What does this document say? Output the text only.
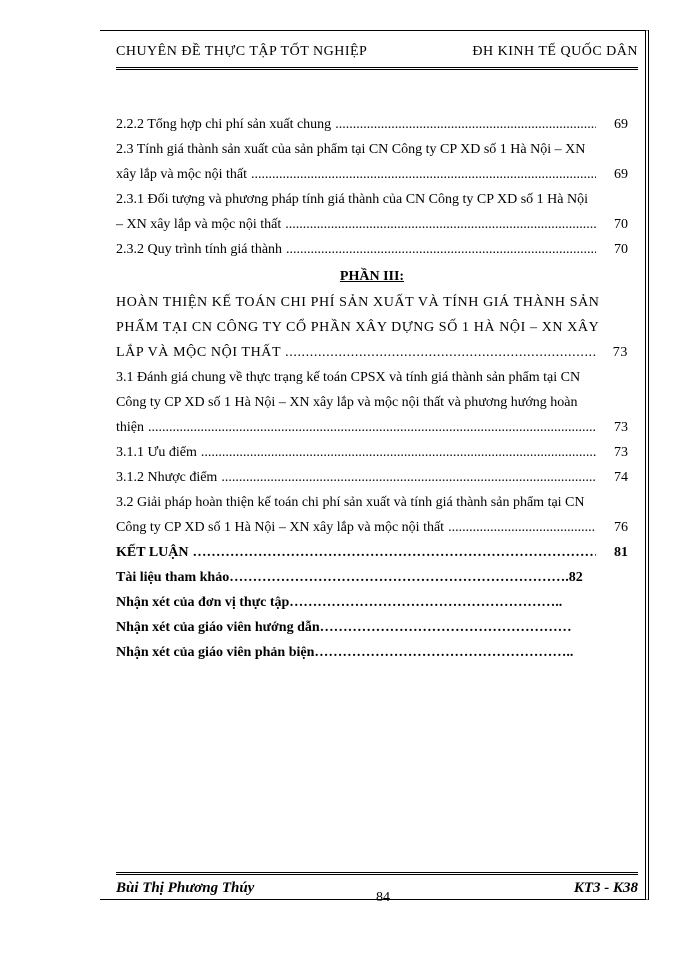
CHUYÊN ĐỀ THỰC TẬP TỐT NGHIỆP	ĐH KINH TẾ QUỐC DÂN
2.2.2 Tổng hợp chi phí sản xuất chung .....	69
2.3 Tính giá thành sản xuất của sản phẩm tại CN Công ty CP XD số 1 Hà Nội – XN
xây lắp và mộc nội thất .....	69
2.3.1 Đối tượng và phương pháp tính giá thành của CN Công ty CP XD số 1 Hà Nội
– XN xây lắp và mộc nội thất .....	70
2.3.2 Quy trình tính giá thành .....	70
PHẦN III:
HOÀN THIỆN KẾ TOÁN CHI PHÍ SẢN XUẤT VÀ TÍNH GIÁ THÀNH SẢN
PHẨM TẠI CN CÔNG TY CỔ PHẦN XÂY DỰNG SỐ 1 HÀ NỘI – XN XÂY
LẮP VÀ MỘC NỘI THẤT .....	73
3.1 Đánh giá chung về thực trạng kế toán CPSX và tính giá thành sản phẩm tại CN
Công ty CP XD số 1 Hà Nội – XN xây lắp và mộc nội thất và phương hướng hoàn
thiện .....	73
3.1.1 Ưu điểm .....	73
3.1.2 Nhược điểm .....	74
3.2 Giải pháp hoàn thiện kế toán chi phí sản xuất và tính giá thành sản phẩm tại CN
Công ty CP XD số 1 Hà Nội – XN xây lắp và mộc nội thất .....	76
KẾT LUẬN …………………………………………………………………………………………………………………	81
Tài liệu tham khảo……………………………………………………………….82
Nhận xét của đơn vị thực tập…………………………………………………..
Nhận xét của giáo viên hướng dẫn………………………………………………
Nhận xét của giáo viên phản biện………………………………………………..
Bùi Thị Phương Thúy	KT3 - K38
84
